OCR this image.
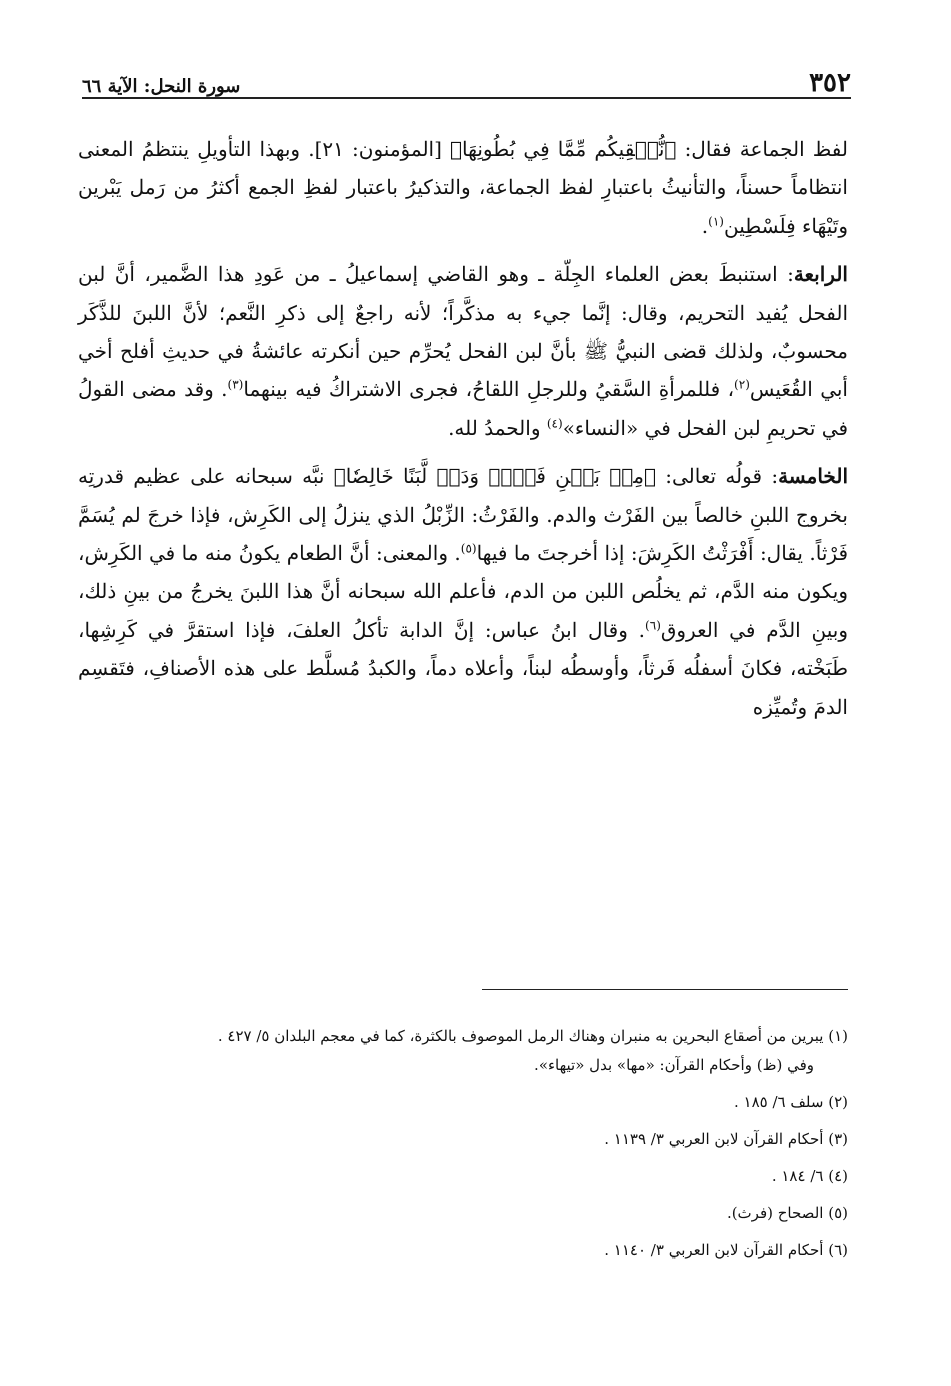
٣٥٢
سورة النحل: الآية ٦٦

لفظ الجماعة فقال: ﴿نُّسۡقِيكُم مِّمَّا فِي بُطُونِهَا﴾ [المؤمنون: ٢١]. وبهذا التأويلِ ينتظمُ المعنى انتظاماً حسناً، والتأنيثُ باعتبارِ لفظ الجماعة، والتذكيرُ باعتبار لفظِ الجمع أكثرُ من رَمل يَبْرين وتَيْهَاء فِلَسْطِين$^{(١)}$.

الرابعة: استنبطَ بعض العلماء الجِلّة ـ وهو القاضي إسماعيلُ ـ من عَودِ هذا الضَّمير، أنَّ لبن الفحل يُفيد التحريم، وقال: إنَّما جيء به مذكَّراً؛ لأنه راجعٌ إلى ذكرِ النَّعم؛ لأنَّ اللبنَ للذَّكَر محسوبٌ، ولذلك قضى النبيُّ ﷺ بأنَّ لبن الفحل يُحرِّم حين أنكرته عائشةُ في حديثِ أفلح أخي أبي القُعَيس$^{(٢)}$، فللمرأةِ السَّقيُ وللرجلِ اللقاحُ، فجرى الاشتراكُ فيه بينهما$^{(٣)}$. وقد مضى القولُ في تحريمِ لبن الفحل في «النساء»$^{(٤)}$ والحمدُ لله.

الخامسة: قولُه تعالى: ﴿مِنۢ بَيۡنِ فَرۡثٖ وَدَمٖ لَّبَنًا خَالِصٗا﴾ نبَّه سبحانه على عظيم قدرتِه بخروج اللبنِ خالصاً بين الفَرْث والدم. والفَرْثُ: الزِّبْلُ الذي ينزلُ إلى الكَرِش، فإذا خرجَ لم يُسَمَّ فَرْثاً. يقال: أَفْرَثْتُ الكَرِشَ: إذا أخرجتَ ما فيها$^{(٥)}$. والمعنى: أنَّ الطعام يكونُ منه ما في الكَرِش، ويكون منه الدَّم، ثم يخلُص اللبن من الدم، فأعلم الله سبحانه أنَّ هذا اللبنَ يخرجُ من بينِ ذلك، وبينِ الدَّم في العروق$^{(٦)}$. وقال ابنُ عباس: إنَّ الدابة تأكلُ العلفَ، فإذا استقرَّ في كَرِشِها، طَبَخْته، فكانَ أسفلُه فَرثاً، وأوسطُه لبناً، وأعلاه دماً، والكبدُ مُسلَّط على هذه الأصنافِ، فتَقسِم الدمَ وتُميِّزه

(١) يبرين من أصقاع البحرين به منبران وهناك الرمل الموصوف بالكثرة، كما في معجم البلدان ٥/ ٤٢٧ .
وفي (ظ) وأحكام القرآن: «مها» بدل «تيهاء».

(٢) سلف ٦/ ١٨٥ .

(٣) أحكام القرآن لابن العربي ٣/ ١١٣٩ .

(٤) ٦/ ١٨٤ .

(٥) الصحاح (فرث).

(٦) أحكام القرآن لابن العربي ٣/ ١١٤٠ .
